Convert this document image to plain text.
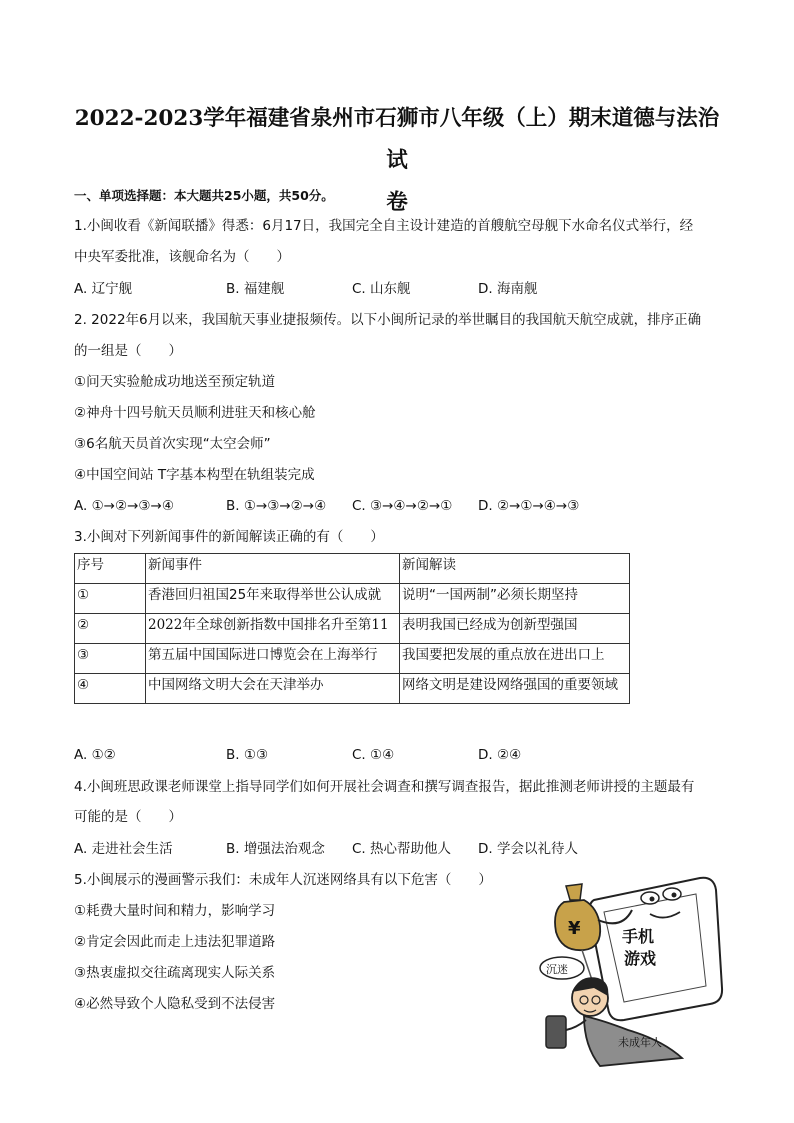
2022-2023学年福建省泉州市石狮市八年级（上）期末道德与法治试
卷
一、单项选择题：本大题共25小题，共50分。
1.小闽收看《新闻联播》得悉：6月17日，我国完全自主设计建造的首艘航空母舰下水命名仪式举行，经
中央军委批准，该舰命名为（　　）
A. 辽宁舰	B. 福建舰	C. 山东舰	D. 海南舰
2. 2022年6月以来，我国航天事业捷报频传。以下小闽所记录的举世瞩目的我国航天航空成就，排序正确
的一组是（　　）
①问天实验舱成功地送至预定轨道
②神舟十四号航天员顺利进驻天和核心舱
③6名航天员首次实现“太空会师”
④中国空间站 T字基本构型在轨组装完成
A. ①→②→③→④	B. ①→③→②→④ C. ③→④→②→① D. ②→①→④→③
3.小闽对下列新闻事件的新闻解读正确的有（　　）
序号	新闻事件	新闻解读
①	香港回归祖国25年来取得举世公认成就	说明“一国两制”必须长期坚持
②	2022年全球创新指数中国排名升至第11	表明我国已经成为创新型强国
③	第五届中国国际进口博览会在上海举行	我国要把发展的重点放在进出口上
④	中国网络文明大会在天津举办	网络文明是建设网络强国的重要领域
A. ①②	B. ①③	C. ①④	D. ②④
4.小闽班思政课老师课堂上指导同学们如何开展社会调查和撰写调查报告，据此推测老师讲授的主题最有
可能的是（　　）
A. 走进社会生活	B. 增强法治观念 C. 热心帮助他人 D. 学会以礼待人
5.小闽展示的漫画警示我们：未成年人沉迷网络具有以下危害（　　）
①耗费大量时间和精力，影响学习
②肯定会因此而走上违法犯罪道路
③热衷虚拟交往疏离现实人际关系
④必然导致个人隐私受到不法侵害
手机
游戏
¥
沉迷
未成年人
